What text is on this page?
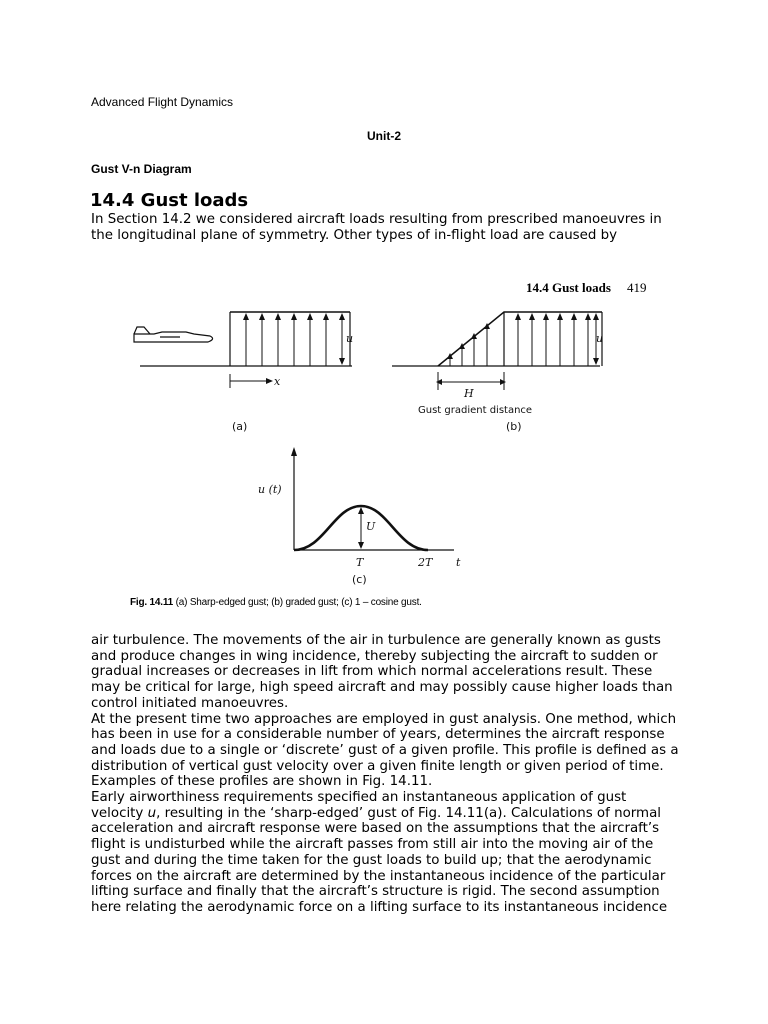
Advanced Flight Dynamics
Unit-2
Gust V-n Diagram
14.4 Gust loads
In Section 14.2 we considered aircraft loads resulting from prescribed manoeuvres in the longitudinal plane of symmetry. Other types of in-flight load are caused by
14.4 Gust loads 419
u
x
(a)
u
H
Gust gradient distance
(b)
u (t)
U
T	2T t
(c)
Fig. 14.11 (a) Sharp-edged gust; (b) graded gust; (c) 1 – cosine gust.

air turbulence. The movements of the air in turbulence are generally known as gusts and produce changes in wing incidence, thereby subjecting the aircraft to sudden or gradual increases or decreases in lift from which normal accelerations result. These may be critical for large, high speed aircraft and may possibly cause higher loads than control initiated manoeuvres.

At the present time two approaches are employed in gust analysis. One method, which has been in use for a considerable number of years, determines the aircraft response and loads due to a single or ‘discrete’ gust of a given profile. This profile is defined as a distribution of vertical gust velocity over a given finite length or given period of time. Examples of these profiles are shown in Fig. 14.11.

Early airworthiness requirements specified an instantaneous application of gust velocity u, resulting in the ‘sharp-edged’ gust of Fig. 14.11(a). Calculations of normal acceleration and aircraft response were based on the assumptions that the aircraft’s flight is undisturbed while the aircraft passes from still air into the moving air of the gust and during the time taken for the gust loads to build up; that the aerodynamic forces on the aircraft are determined by the instantaneous incidence of the particular lifting surface and finally that the aircraft’s structure is rigid. The second assumption here relating the aerodynamic force on a lifting surface to its instantaneous incidence
